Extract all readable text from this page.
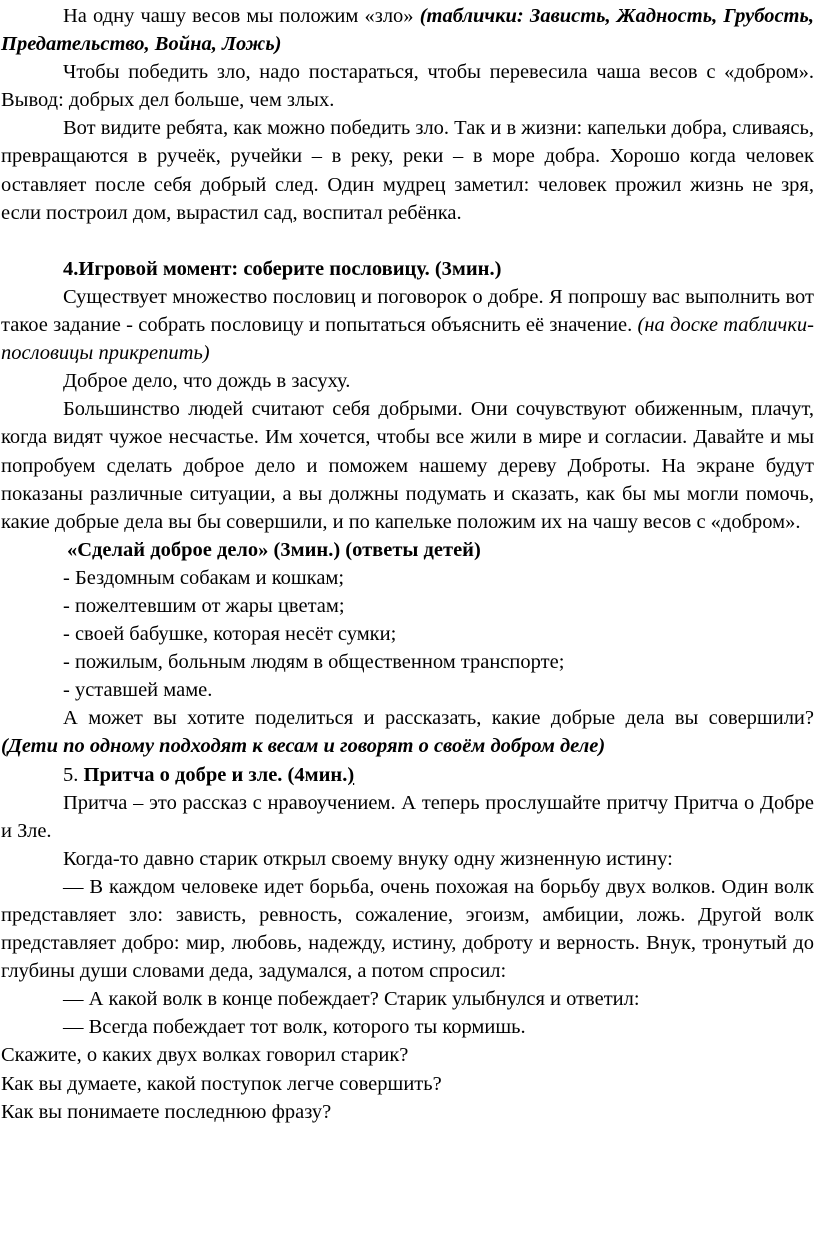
На одну чашу весов мы положим «зло» (таблички: Зависть, Жадность, Грубость, Предательство, Война, Ложь)

Чтобы победить зло, надо постараться, чтобы перевесила чаша весов с «добром». Вывод: добрых дел больше, чем злых.

Вот видите ребята, как можно победить зло. Так и в жизни: капельки добра, сливаясь, превращаются в ручеёк, ручейки – в реку, реки – в море добра. Хорошо когда человек оставляет после себя добрый след. Один мудрец заметил: человек прожил жизнь не зря, если построил дом, вырастил сад, воспитал ребёнка.

4.Игровой момент: соберите пословицу. (3мин.)

Существует множество пословиц и поговорок о добре. Я попрошу вас выполнить вот такое задание - собрать пословицу и попытаться объяснить её значение. (на доске таблички-пословицы прикрепить)

Доброе дело, что дождь в засуху.

Большинство людей считают себя добрыми. Они сочувствуют обиженным, плачут, когда видят чужое несчастье. Им хочется, чтобы все жили в мире и согласии. Давайте и мы попробуем сделать доброе дело и поможем нашему дереву Доброты. На экране будут показаны различные ситуации, а вы должны подумать и сказать, как бы мы могли помочь, какие добрые дела вы бы совершили, и по капельке положим их на чашу весов с «добром».

«Сделай доброе дело» (3мин.) (ответы детей)

- Бездомным собакам и кошкам;

- пожелтевшим от жары цветам;

- своей бабушке, которая несёт сумки;

- пожилым, больным людям в общественном транспорте;

- уставшей маме.

А может вы хотите поделиться и рассказать, какие добрые дела вы совершили? (Дети по одному подходят к весам и говорят о своём добром деле)

5. Притча о добре и зле. (4мин.)

Притча – это рассказ с нравоучением. А теперь прослушайте притчу Притча о Добре и Зле.

Когда-то давно старик открыл своему внуку одну жизненную истину:

— В каждом человеке идет борьба, очень похожая на борьбу двух волков. Один волк представляет зло: зависть, ревность, сожаление, эгоизм, амбиции, ложь. Другой волк представляет добро: мир, любовь, надежду, истину, доброту и верность. Внук, тронутый до глубины души словами деда, задумался, а потом спросил:

— А какой волк в конце побеждает? Старик улыбнулся и ответил:

— Всегда побеждает тот волк, которого ты кормишь.

Скажите, о каких двух волках говорил старик?

Как вы думаете, какой поступок легче совершить?

Как вы понимаете последнюю фразу?
